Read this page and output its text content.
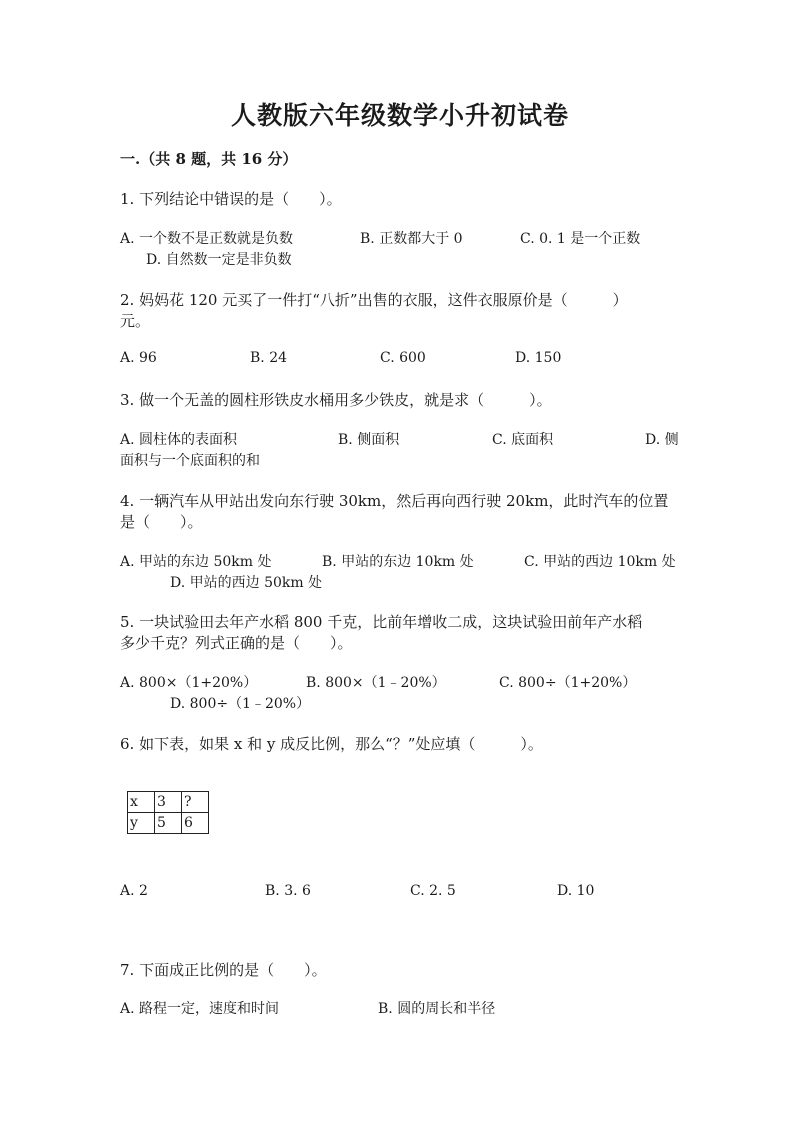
人教版六年级数学小升初试卷
一.（共 8 题，共 16 分）
1. 下列结论中错误的是（　　）。
A. 一个数不是正数就是负数	B. 正数都大于 0	C. 0. 1 是一个正数
D. 自然数一定是非负数
2. 妈妈花 120 元买了一件打“八折”出售的衣服，这件衣服原价是（　　　）
元。
A. 96	B. 24	C. 600	D. 150
3. 做一个无盖的圆柱形铁皮水桶用多少铁皮，就是求（　　　）。
A. 圆柱体的表面积	B. 侧面积	C. 底面积	D. 侧
面积与一个底面积的和
4. 一辆汽车从甲站出发向东行驶 30km，然后再向西行驶 20km，此时汽车的位置
是（　　）。
A. 甲站的东边 50km 处	B. 甲站的东边 10km 处	C. 甲站的西边 10km 处
D. 甲站的西边 50km 处
5. 一块试验田去年产水稻 800 千克，比前年增收二成，这块试验田前年产水稻
多少千克？列式正确的是（　　）。
A. 800×（1+20%）	B. 800×（1﹣20%）	C. 800÷（1+20%）
D. 800÷（1﹣20%）
6. 如下表，如果 x 和 y 成反比例，那么“？”处应填（　　　）。
x	3	?
y	5	6
A. 2	B. 3. 6	C. 2. 5	D. 10
7. 下面成正比例的是（　　）。
A. 路程一定，速度和时间	B. 圆的周长和半径
